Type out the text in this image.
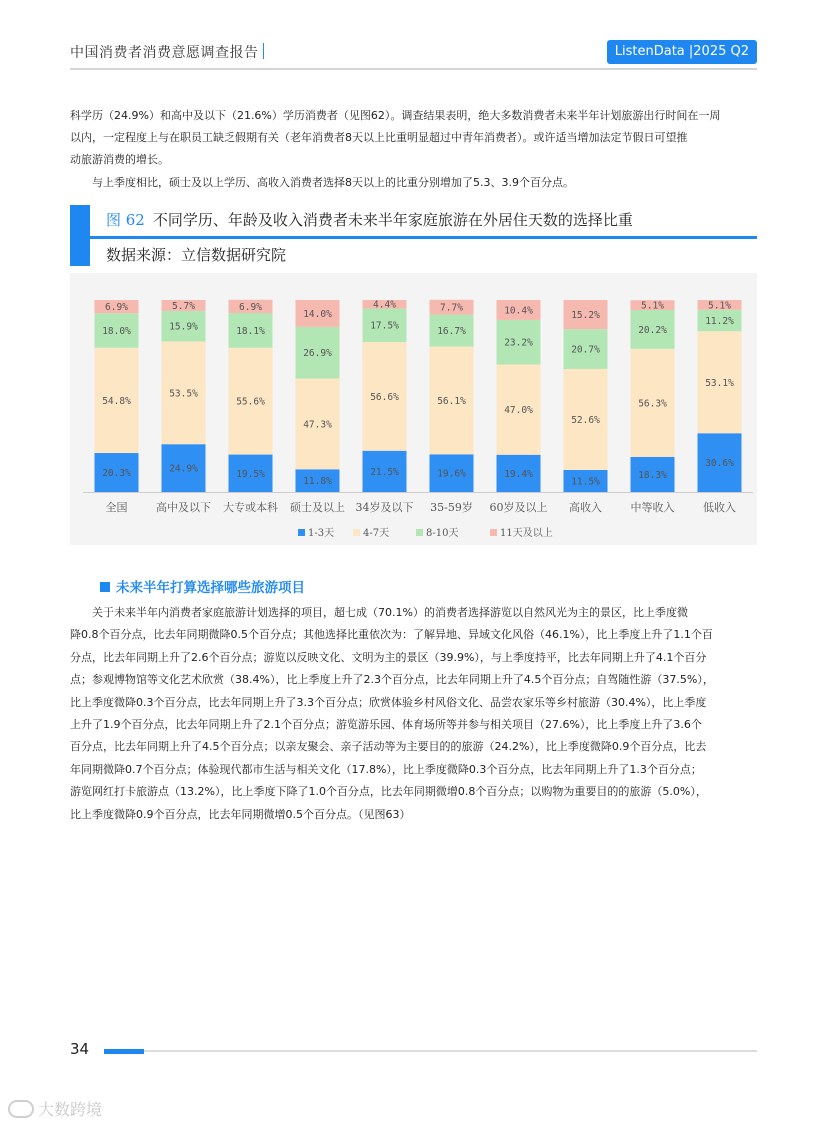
中国消费者消费意愿调查报告	ListenData |2025 Q2

科学历（24.9%）和高中及以下（21.6%）学历消费者（见图62）。调查结果表明，绝大多数消费者未来半年计划旅游出行时间在一周

以内，一定程度上与在职员工缺乏假期有关（老年消费者8天以上比重明显超过中青年消费者）。或许适当增加法定节假日可望推

动旅游消费的增长。

与上季度相比，硕士及以上学历、高收入消费者选择8天以上的比重分别增加了5.3、3.9个百分点。

图 62 不同学历、年龄及收入消费者未来半年家庭旅游在外居住天数的选择比重
数据来源：立信数据研究院
20.3%
54.8%
18.0%
6.9%
全国
24.9%
53.5%
15.9%
5.7%
高中及以下
19.5%
55.6%
18.1%
6.9%
大专或本科
11.8%
47.3%
26.9%
14.0%
硕士及以上
21.5%
56.6%
17.5%
4.4%
34岁及以下
19.6%
56.1%
16.7%
7.7%
35-59岁
19.4%
47.0%
23.2%
10.4%
60岁及以上
11.5%
52.6%
20.7%
15.2%
高收入
18.3%
56.3%
20.2%
5.1%
中等收入
30.6%
53.1%
11.2%
5.1%
低收入
1-3天	4-7天	8-10天	11天及以上
未来半年打算选择哪些旅游项目

关于未来半年内消费者家庭旅游计划选择的项目，超七成（70.1%）的消费者选择游览以自然风光为主的景区，比上季度微

降0.8个百分点，比去年同期微降0.5个百分点；其他选择比重依次为：了解异地、异域文化风俗（46.1%），比上季度上升了1.1个百

分点，比去年同期上升了2.6个百分点；游览以反映文化、文明为主的景区（39.9%），与上季度持平，比去年同期上升了4.1个百分

点；参观博物馆等文化艺术欣赏（38.4%），比上季度上升了2.3个百分点，比去年同期上升了4.5个百分点；自驾随性游（37.5%），

比上季度微降0.3个百分点，比去年同期上升了3.3个百分点；欣赏体验乡村风俗文化、品尝农家乐等乡村旅游（30.4%），比上季度

上升了1.9个百分点，比去年同期上升了2.1个百分点；游览游乐园、体育场所等并参与相关项目（27.6%），比上季度上升了3.6个

百分点，比去年同期上升了4.5个百分点；以亲友聚会、亲子活动等为主要目的的旅游（24.2%），比上季度微降0.9个百分点，比去

年同期微降0.7个百分点；体验现代都市生活与相关文化（17.8%），比上季度微降0.3个百分点，比去年同期上升了1.3个百分点；

游览网红打卡旅游点（13.2%），比上季度下降了1.0个百分点，比去年同期微增0.8个百分点；以购物为重要目的的旅游（5.0%），

比上季度微降0.9个百分点，比去年同期微增0.5个百分点。（见图63）

34
大数跨境
